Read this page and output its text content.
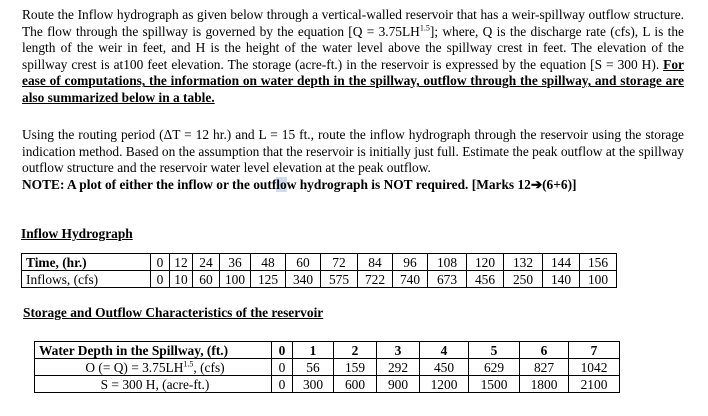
Route the Inflow hydrograph as given below through a vertical-walled reservoir that has a weir-spillway outflow structure. The flow through the spillway is governed by the equation $[Q = 3.75LH^{1.5}]$; where, Q is the discharge rate (cfs), L is the length of the weir in feet, and H is the height of the water level above the spillway crest in feet. The elevation of the spillway crest is at100 feet elevation. The storage (acre-ft.) in the reservoir is expressed by the equation [S = 300 H). For ease of computations, the information on water depth in the spillway, outflow through the spillway, and storage are also summarized below in a table.

Using the routing period (ΔT = 12 hr.) and L = 15 ft., route the inflow hydrograph through the reservoir using the storage indication method. Based on the assumption that the reservoir is initially just full. Estimate the peak outflow at the spillway outflow structure and the reservoir water level elevation at the peak outflow.
NOTE: A plot of either the inflow or the outflow hydrograph is NOT required. [Marks 12➔(6+6)]

Inflow Hydrograph
Time, (hr.)		0	12	24	36	48	60	72	84	96	108	120	132	144	156
Inflows, (cfs)		0	10	60	100	125	340	575	722	740	673	456	250	140	100
Storage and Outflow Characteristics of the reservoir
Water Depth in the Spillway, (ft.)	0	1	2	3	4	5	6	7
O (= $Q) = 3.75LH^{1.5}$, (cfs)	0	56	159	292	450	629	827	1042
S = 300 H, (acre-ft.)	0	300	600	900	1200	1500	1800	2100
